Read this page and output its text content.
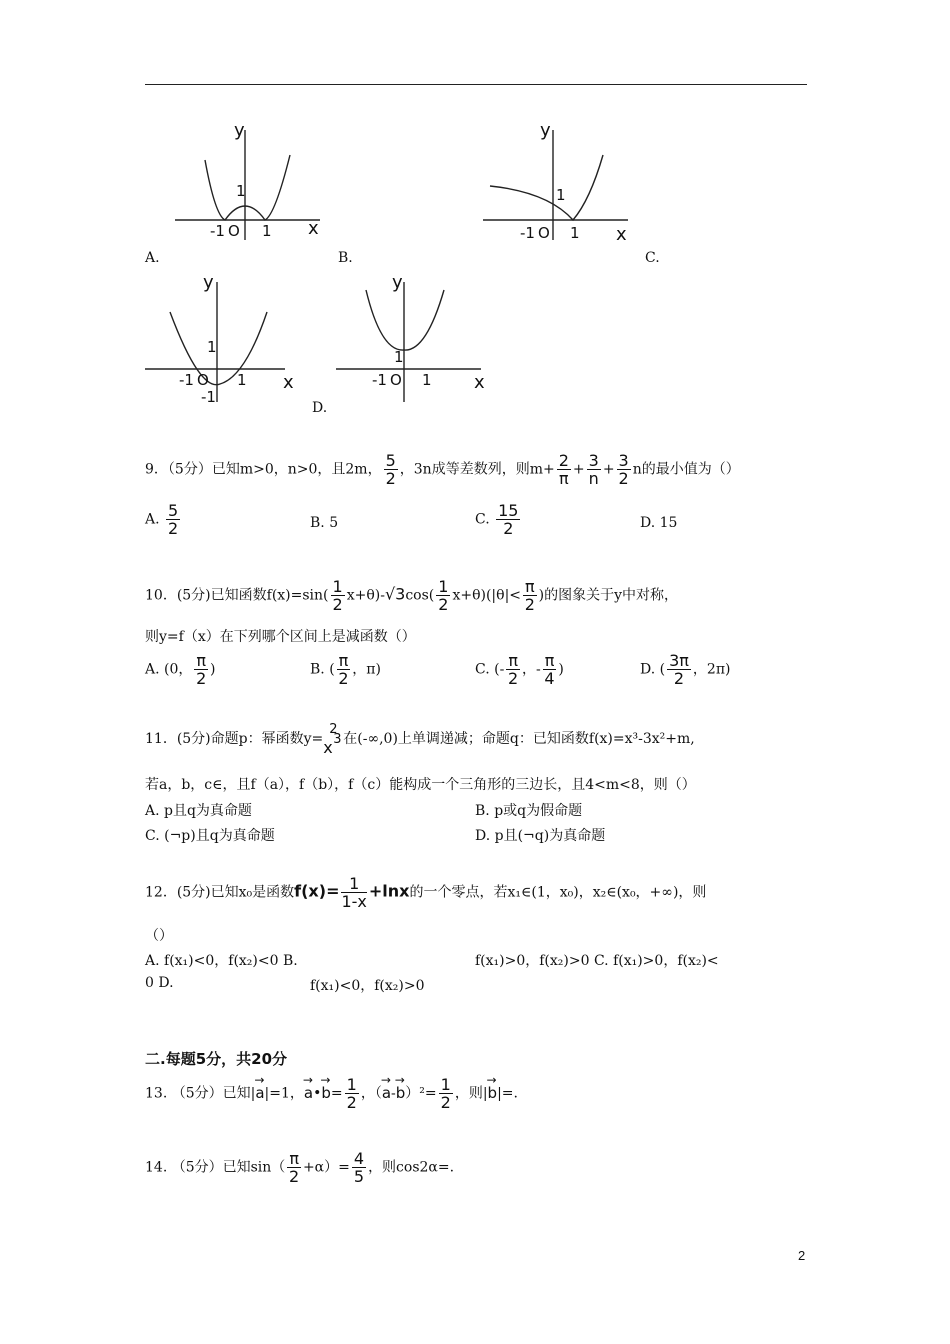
y
x
1
-1 O 1
A.
y
x
1
-1 O 1
B.
y
x
1
-1
-1 O 1
C.
y
x
1
-1 O 1
D.
9．（5分）已知m>0，n>0，且2m， $\frac{5}{2}$ ，3n成等差数列，则$m+ \frac{2}{\pi} + \frac{3}{n} + \frac{3}{2}$ n的最小值为（）
A. $\frac{5}{2}$	B. 5	C. $\frac{15}{2}$	D. 15
10．(5分)已知函数$f(x)=\sin( \frac{1}{2} x+\theta)-√3\cos( \frac{1}{2} x+\theta)(|\theta|< \frac{\pi}{2}$ )的图象关于y中对称，
则y=f（x）在下列哪个区间上是减函数（）
A. (0， $\frac{\pi}{2}$ )	B. ( $\frac{\pi}{2}$ ，π)	C. (- $\frac{\pi}{2}$ ，- $\frac{\pi}{4}$ )	D. ( $\frac{3\pi}{2}$ ，2π)
11．(5分)命题p：幂函数y=
2
3
x 在(-∞,0)上单调递减；命题q：已知函数f(x)=x³-3x²+m,
若a，b，c∈，且f（a），f（b），f（c）能构成一个三角形的三边长，且4<m<8，则（）
A. p且q为真命题	B. p或q为假命题
C. (¬p)且q为真命题	D. p且(¬q)为真命题
12．(5分)已知x₀是函数$f(x)= \frac{1}{1-x} +\ln x$的一个零点，若x₁∈(1，x₀)，x₂∈(x₀，+∞)，则
（）
A. f(x₁)<0，f(x₂)<0 B.	f(x₁)>0，f(x₂)>0 C. f(x₁)>0，f(x₂)<
0 D.	f(x₁)<0，f(x₂)>0
二.每题5分，共20分
13. （5分）已知|→ a|=1，→ a•→ $b= \frac{1}{2}$ ，（→ $a-\to b)^2= \frac{1}{2}$ ，则|→ b|=.
14. （5分）已知$\sin( \frac{\pi}{2} +\alpha)= \frac{4}{5}$ ，则cos2α=.
2
